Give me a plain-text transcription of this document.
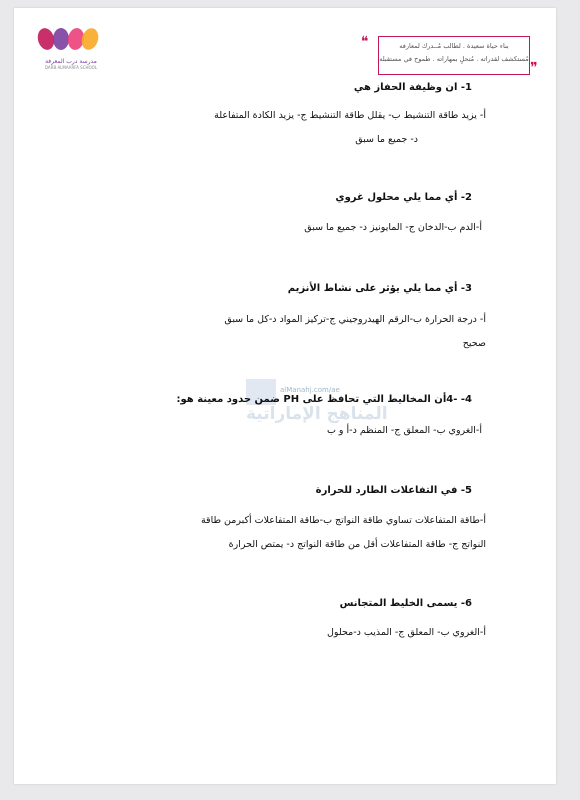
مدرسة درب المعرفة
DARB ALMAARFA SCHOOL
❝	بناء حياة سعيدة . لطالب مُــدرك لمعارفه
مُستكشف لقدراته . مُتحلٍ بمهاراته . طموح في مستقبله
❞
1- ان وظيفة الحفاز هي
أ- يزيد طاقة التنشيط ب- يقلل طاقة التنشيط ج- يزيد الكادة المتفاعلة
د- جميع ما سبق
2- أي مما يلي محلول غروي
أ-الدم ب-الدخان ج- المايونيز د- جميع ما سبق
3- أي مما يلي يؤثر على نشاط الأنزيم
أ- درجة الحرارة ب-الرقم الهيدروجيني ج-تركيز المواد د-كل ما سبق
صحيح
alManahj.com/ae
المناهج الإماراتية
4- -4أن المخاليط التي تحافظ على PH ضمن حدود معينة هو:
أ-الغروي ب- المعلق ج- المنظم د-أ و ب
5- في التفاعلات الطارد للحرارة
أ-طاقة المتفاعلات تساوي طاقة النواتج ب-طاقة المتفاعلات أكبرمن طاقة
النواتج ج- طاقة المتفاعلات أقل من طاقة النواتج د- يمتص الحرارة
6- يسمى الخليط المتجانس
أ-الغروي ب- المعلق ج- المذيب د-محلول
